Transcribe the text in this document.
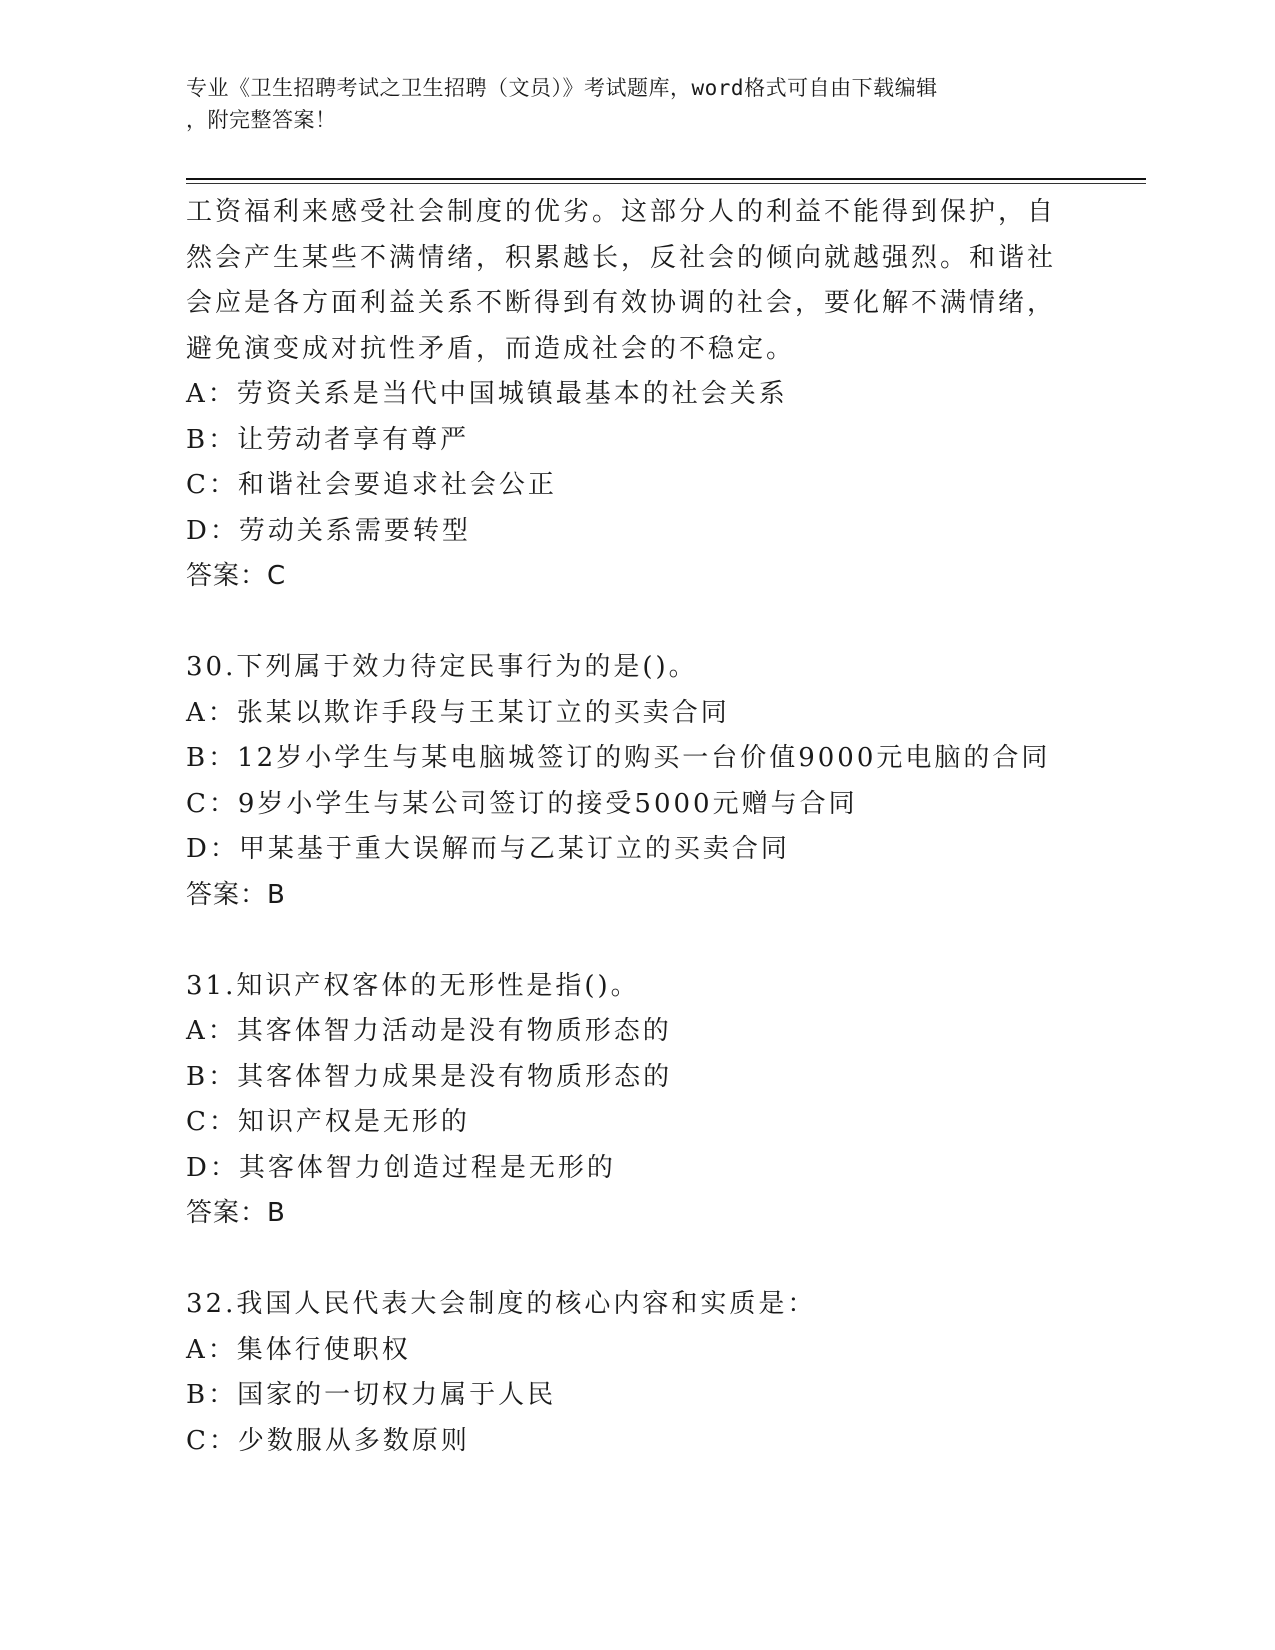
专业《卫生招聘考试之卫生招聘（文员）》考试题库，word格式可自由下载编辑
，附完整答案！
工资福利来感受社会制度的优劣。这部分人的利益不能得到保护，自
然会产生某些不满情绪，积累越长，反社会的倾向就越强烈。和谐社
会应是各方面利益关系不断得到有效协调的社会，要化解不满情绪，
避免演变成对抗性矛盾，而造成社会的不稳定。
A：劳资关系是当代中国城镇最基本的社会关系
B：让劳动者享有尊严
C：和谐社会要追求社会公正
D：劳动关系需要转型
答案：C
30.下列属于效力待定民事行为的是()。
A：张某以欺诈手段与王某订立的买卖合同
B：12岁小学生与某电脑城签订的购买一台价值9000元电脑的合同
C：9岁小学生与某公司签订的接受5000元赠与合同
D：甲某基于重大误解而与乙某订立的买卖合同
答案：B
31.知识产权客体的无形性是指()。
A：其客体智力活动是没有物质形态的
B：其客体智力成果是没有物质形态的
C：知识产权是无形的
D：其客体智力创造过程是无形的
答案：B
32.我国人民代表大会制度的核心内容和实质是：
A：集体行使职权
B：国家的一切权力属于人民
C：少数服从多数原则
